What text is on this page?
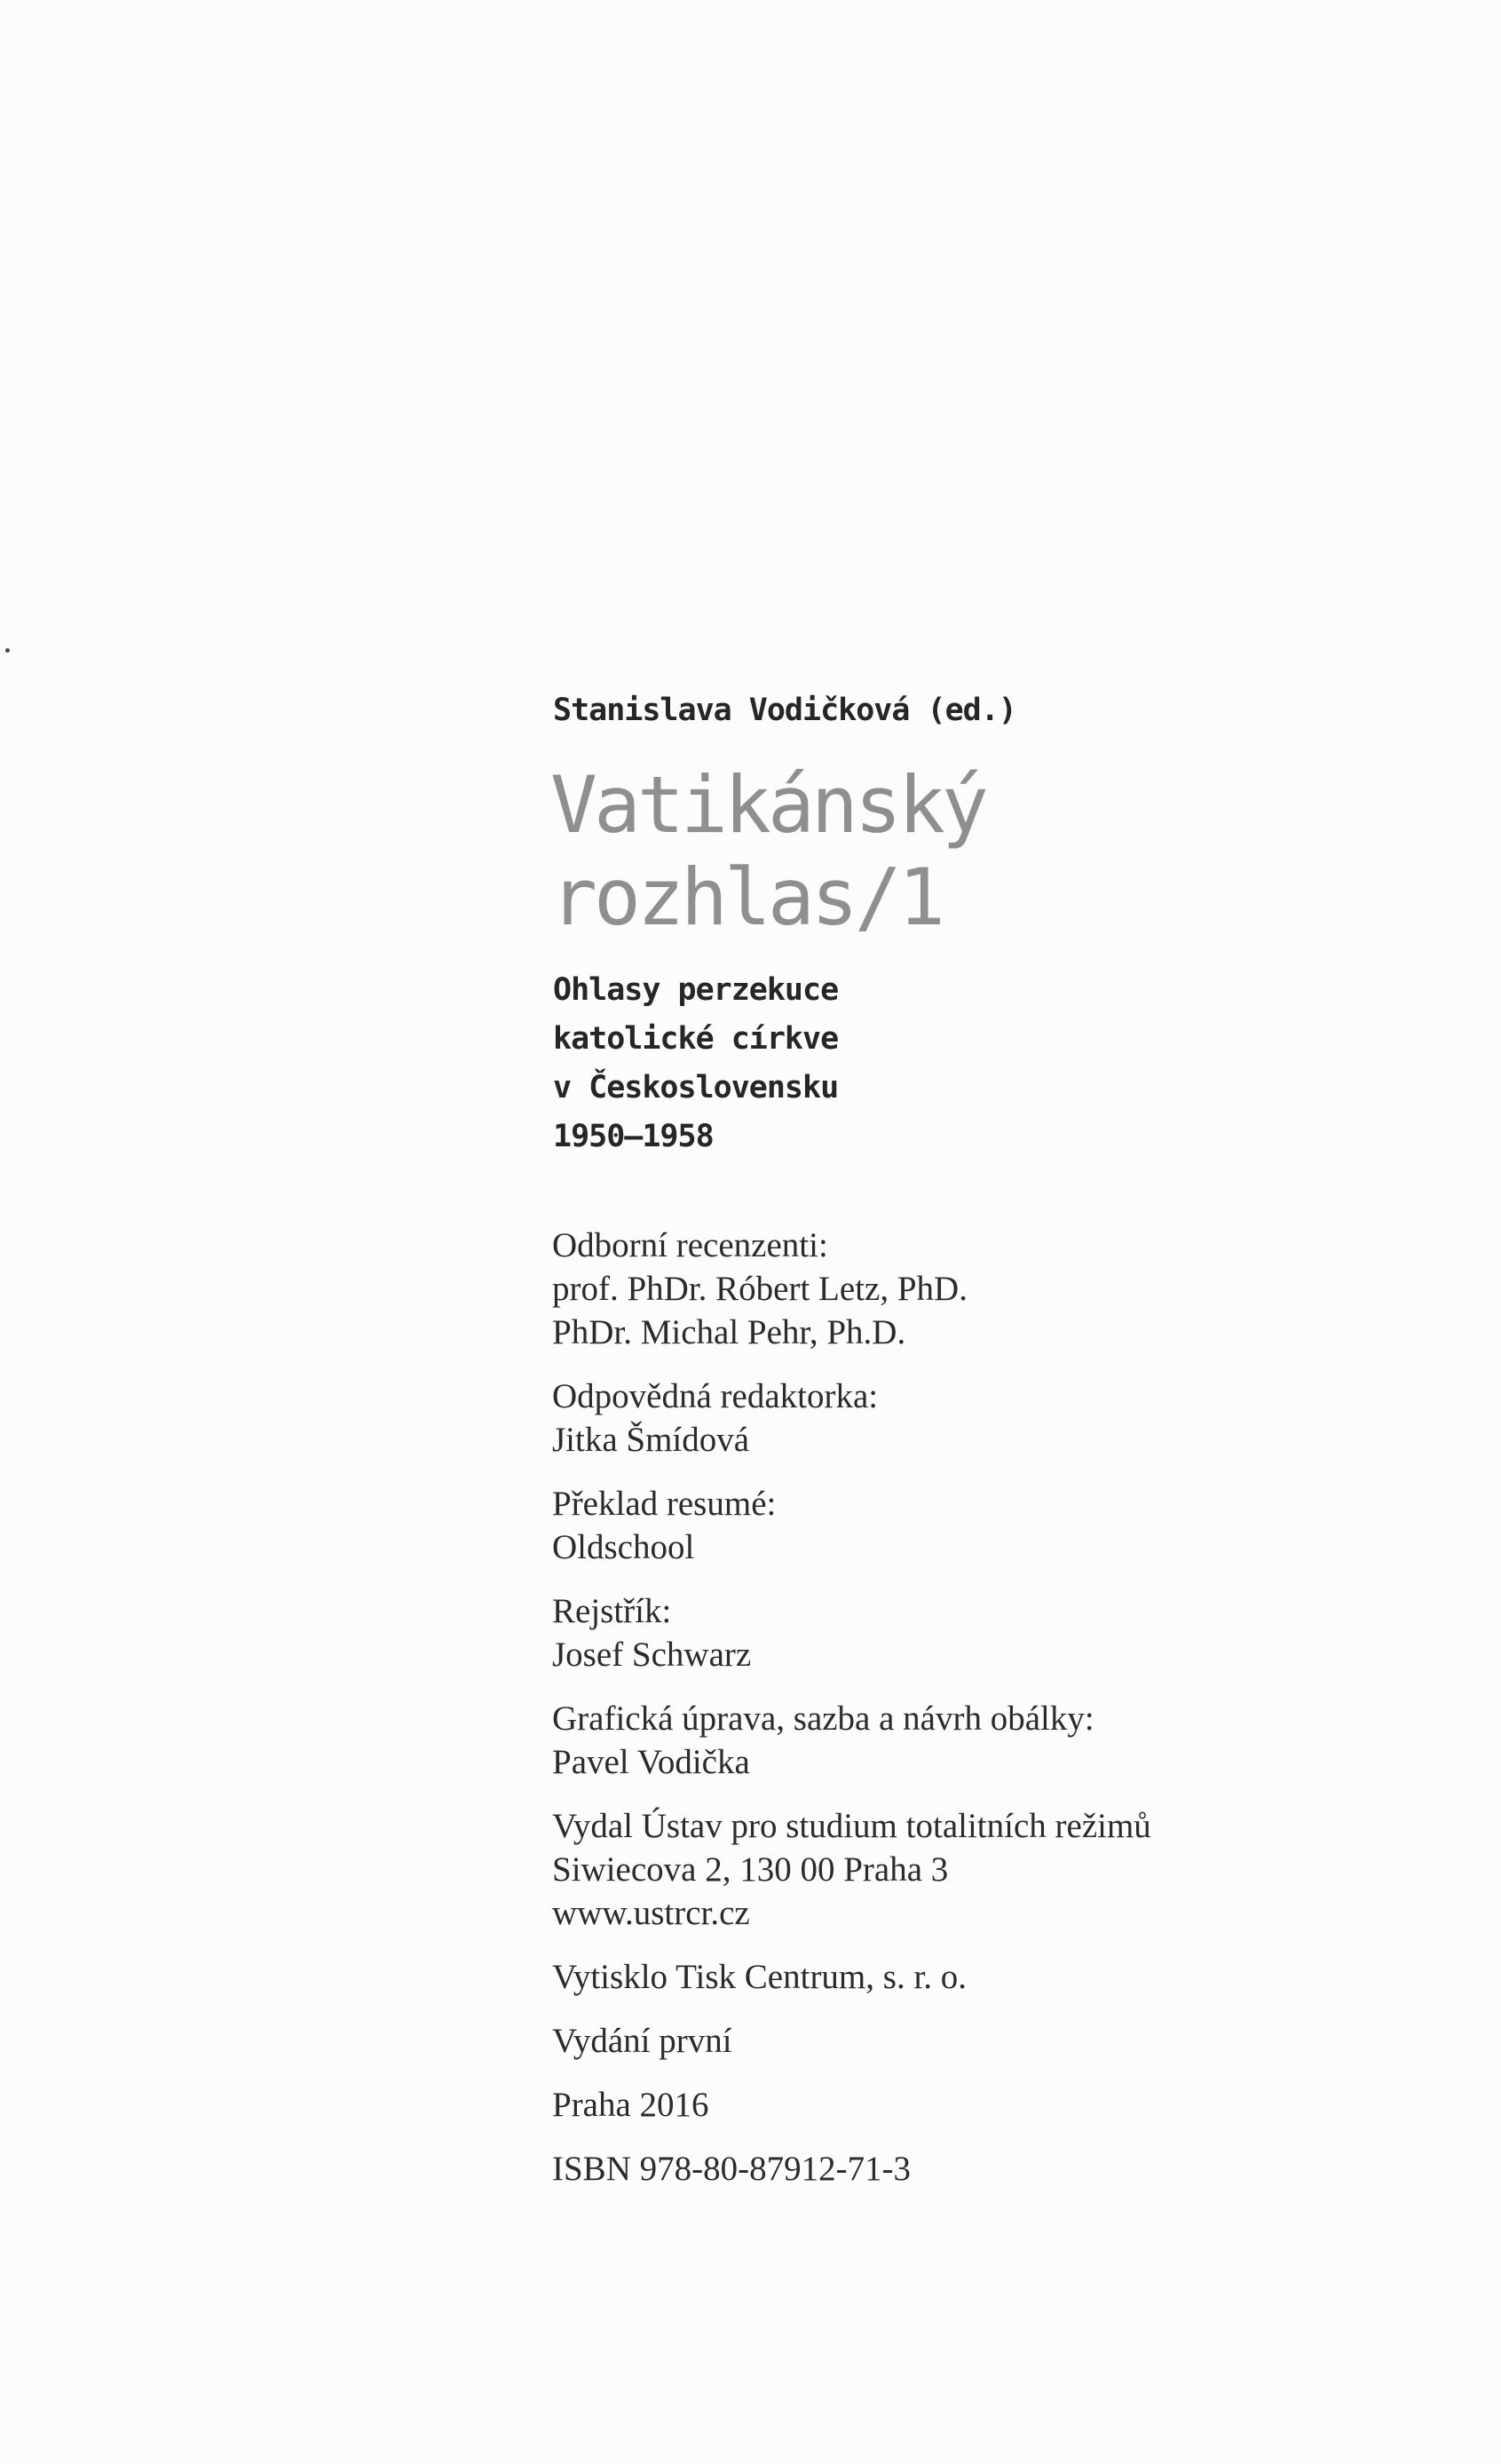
Stanislava Vodičková (ed.)
Vatikánský
rozhlas/1
Ohlasy perzekuce
katolické církve
v Československu
1950–1958
Odborní recenzenti:
prof. PhDr. Róbert Letz, PhD.
PhDr. Michal Pehr, Ph.D.
Odpovědná redaktorka:
Jitka Šmídová
Překlad resumé:
Oldschool
Rejstřík:
Josef Schwarz
Grafická úprava, sazba a návrh obálky:
Pavel Vodička
Vydal Ústav pro studium totalitních režimů
Siwiecova 2, 130 00 Praha 3
www.ustrcr.cz
Vytisklo Tisk Centrum, s. r. o.
Vydání první
Praha 2016
ISBN 978-80-87912-71-3
